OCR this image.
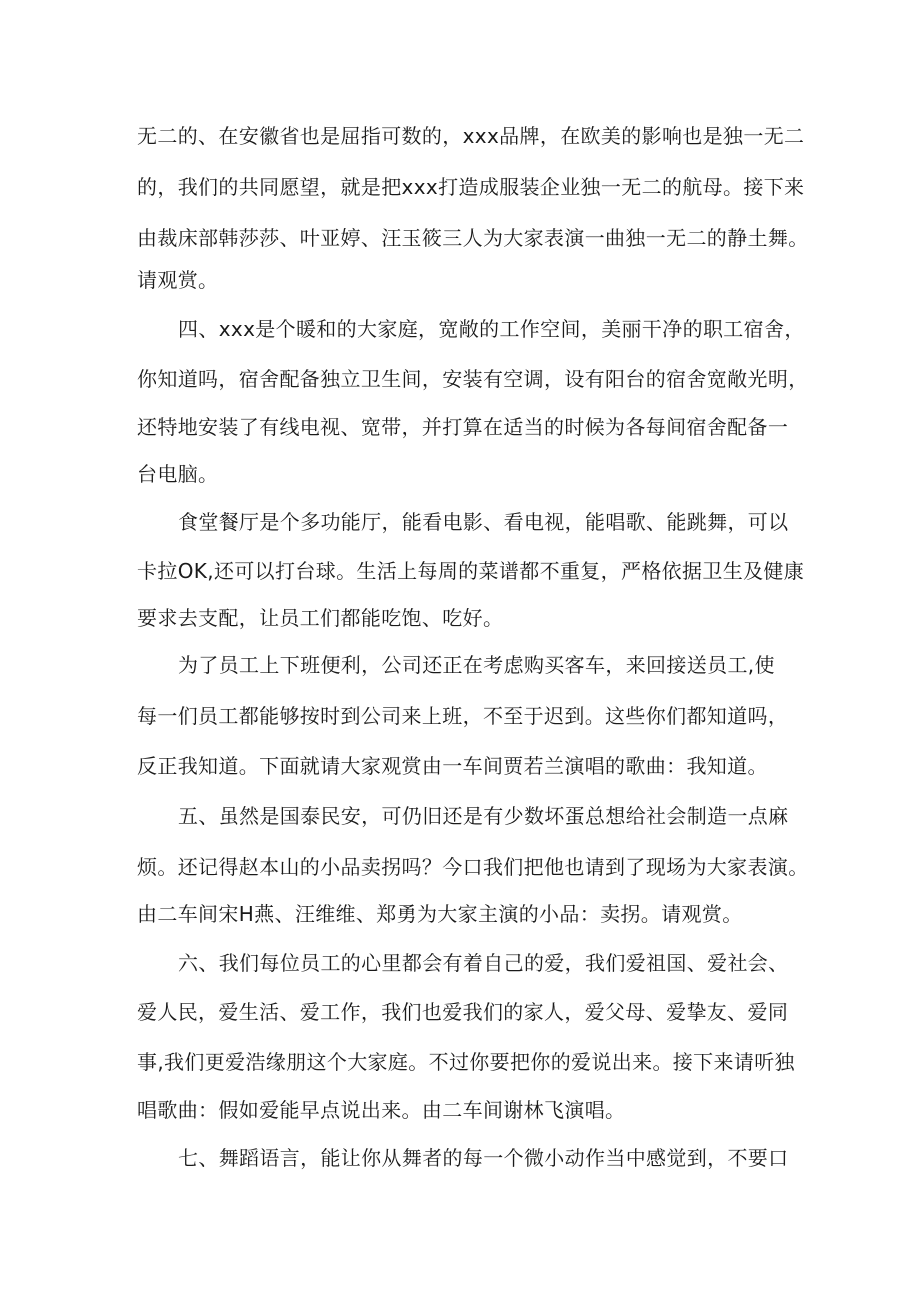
无二的、在安徽省也是屈指可数的，xxx品牌，在欧美的影响也是独一无二
的，我们的共同愿望，就是把xxx打造成服装企业独一无二的航母。接下来
由裁床部韩莎莎、叶亚婷、汪玉筱三人为大家表演一曲独一无二的静土舞。
请观赏。
四、xxx是个暖和的大家庭，宽敞的工作空间，美丽干净的职工宿舍，
你知道吗，宿舍配备独立卫生间，安装有空调，设有阳台的宿舍宽敞光明，
还特地安装了有线电视、宽带，并打算在适当的时候为各每间宿舍配备一
台电脑。
食堂餐厅是个多功能厅，能看电影、看电视，能唱歌、能跳舞，可以
卡拉OK,还可以打台球。生活上每周的菜谱都不重复，严格依据卫生及健康
要求去支配，让员工们都能吃饱、吃好。
为了员工上下班便利，公司还正在考虑购买客车，来回接送员工,使
每一们员工都能够按时到公司来上班，不至于迟到。这些你们都知道吗，
反正我知道。下面就请大家观赏由一车间贾若兰演唱的歌曲：我知道。
五、虽然是国泰民安，可仍旧还是有少数坏蛋总想给社会制造一点麻
烦。还记得赵本山的小品卖拐吗？今口我们把他也请到了现场为大家表演。
由二车间宋H燕、汪维维、郑勇为大家主演的小品：卖拐。请观赏。
六、我们每位员工的心里都会有着自己的爱，我们爱祖国、爱社会、
爱人民，爱生活、爱工作，我们也爱我们的家人，爱父母、爱挚友、爱同
事,我们更爱浩缘朋这个大家庭。不过你要把你的爱说出来。接下来请听独
唱歌曲：假如爱能早点说出来。由二车间谢林飞演唱。
七、舞蹈语言，能让你从舞者的每一个微小动作当中感觉到，不要口
